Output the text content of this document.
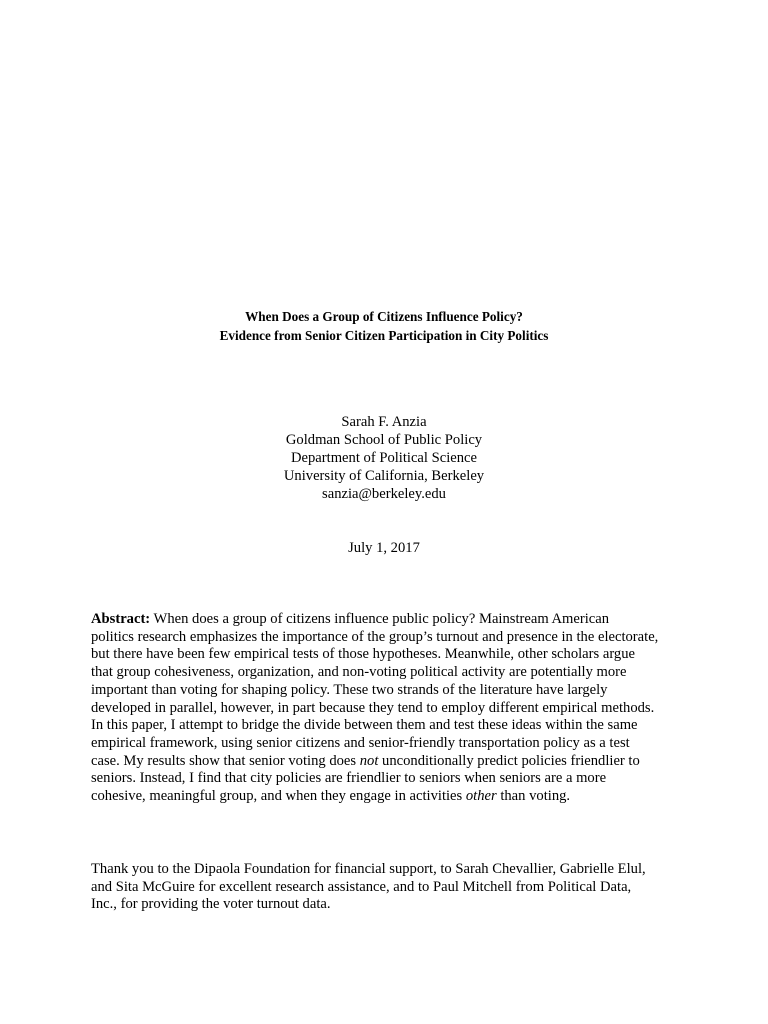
When Does a Group of Citizens Influence Policy?
Evidence from Senior Citizen Participation in City Politics
Sarah F. Anzia
Goldman School of Public Policy
Department of Political Science
University of California, Berkeley
sanzia@berkeley.edu
July 1, 2017
Abstract: When does a group of citizens influence public policy? Mainstream American
politics research emphasizes the importance of the group’s turnout and presence in the electorate,
but there have been few empirical tests of those hypotheses. Meanwhile, other scholars argue
that group cohesiveness, organization, and non-voting political activity are potentially more
important than voting for shaping policy. These two strands of the literature have largely
developed in parallel, however, in part because they tend to employ different empirical methods.
In this paper, I attempt to bridge the divide between them and test these ideas within the same
empirical framework, using senior citizens and senior-friendly transportation policy as a test
case. My results show that senior voting does not unconditionally predict policies friendlier to
seniors. Instead, I find that city policies are friendlier to seniors when seniors are a more
cohesive, meaningful group, and when they engage in activities other than voting.
Thank you to the Dipaola Foundation for financial support, to Sarah Chevallier, Gabrielle Elul,
and Sita McGuire for excellent research assistance, and to Paul Mitchell from Political Data,
Inc., for providing the voter turnout data.
